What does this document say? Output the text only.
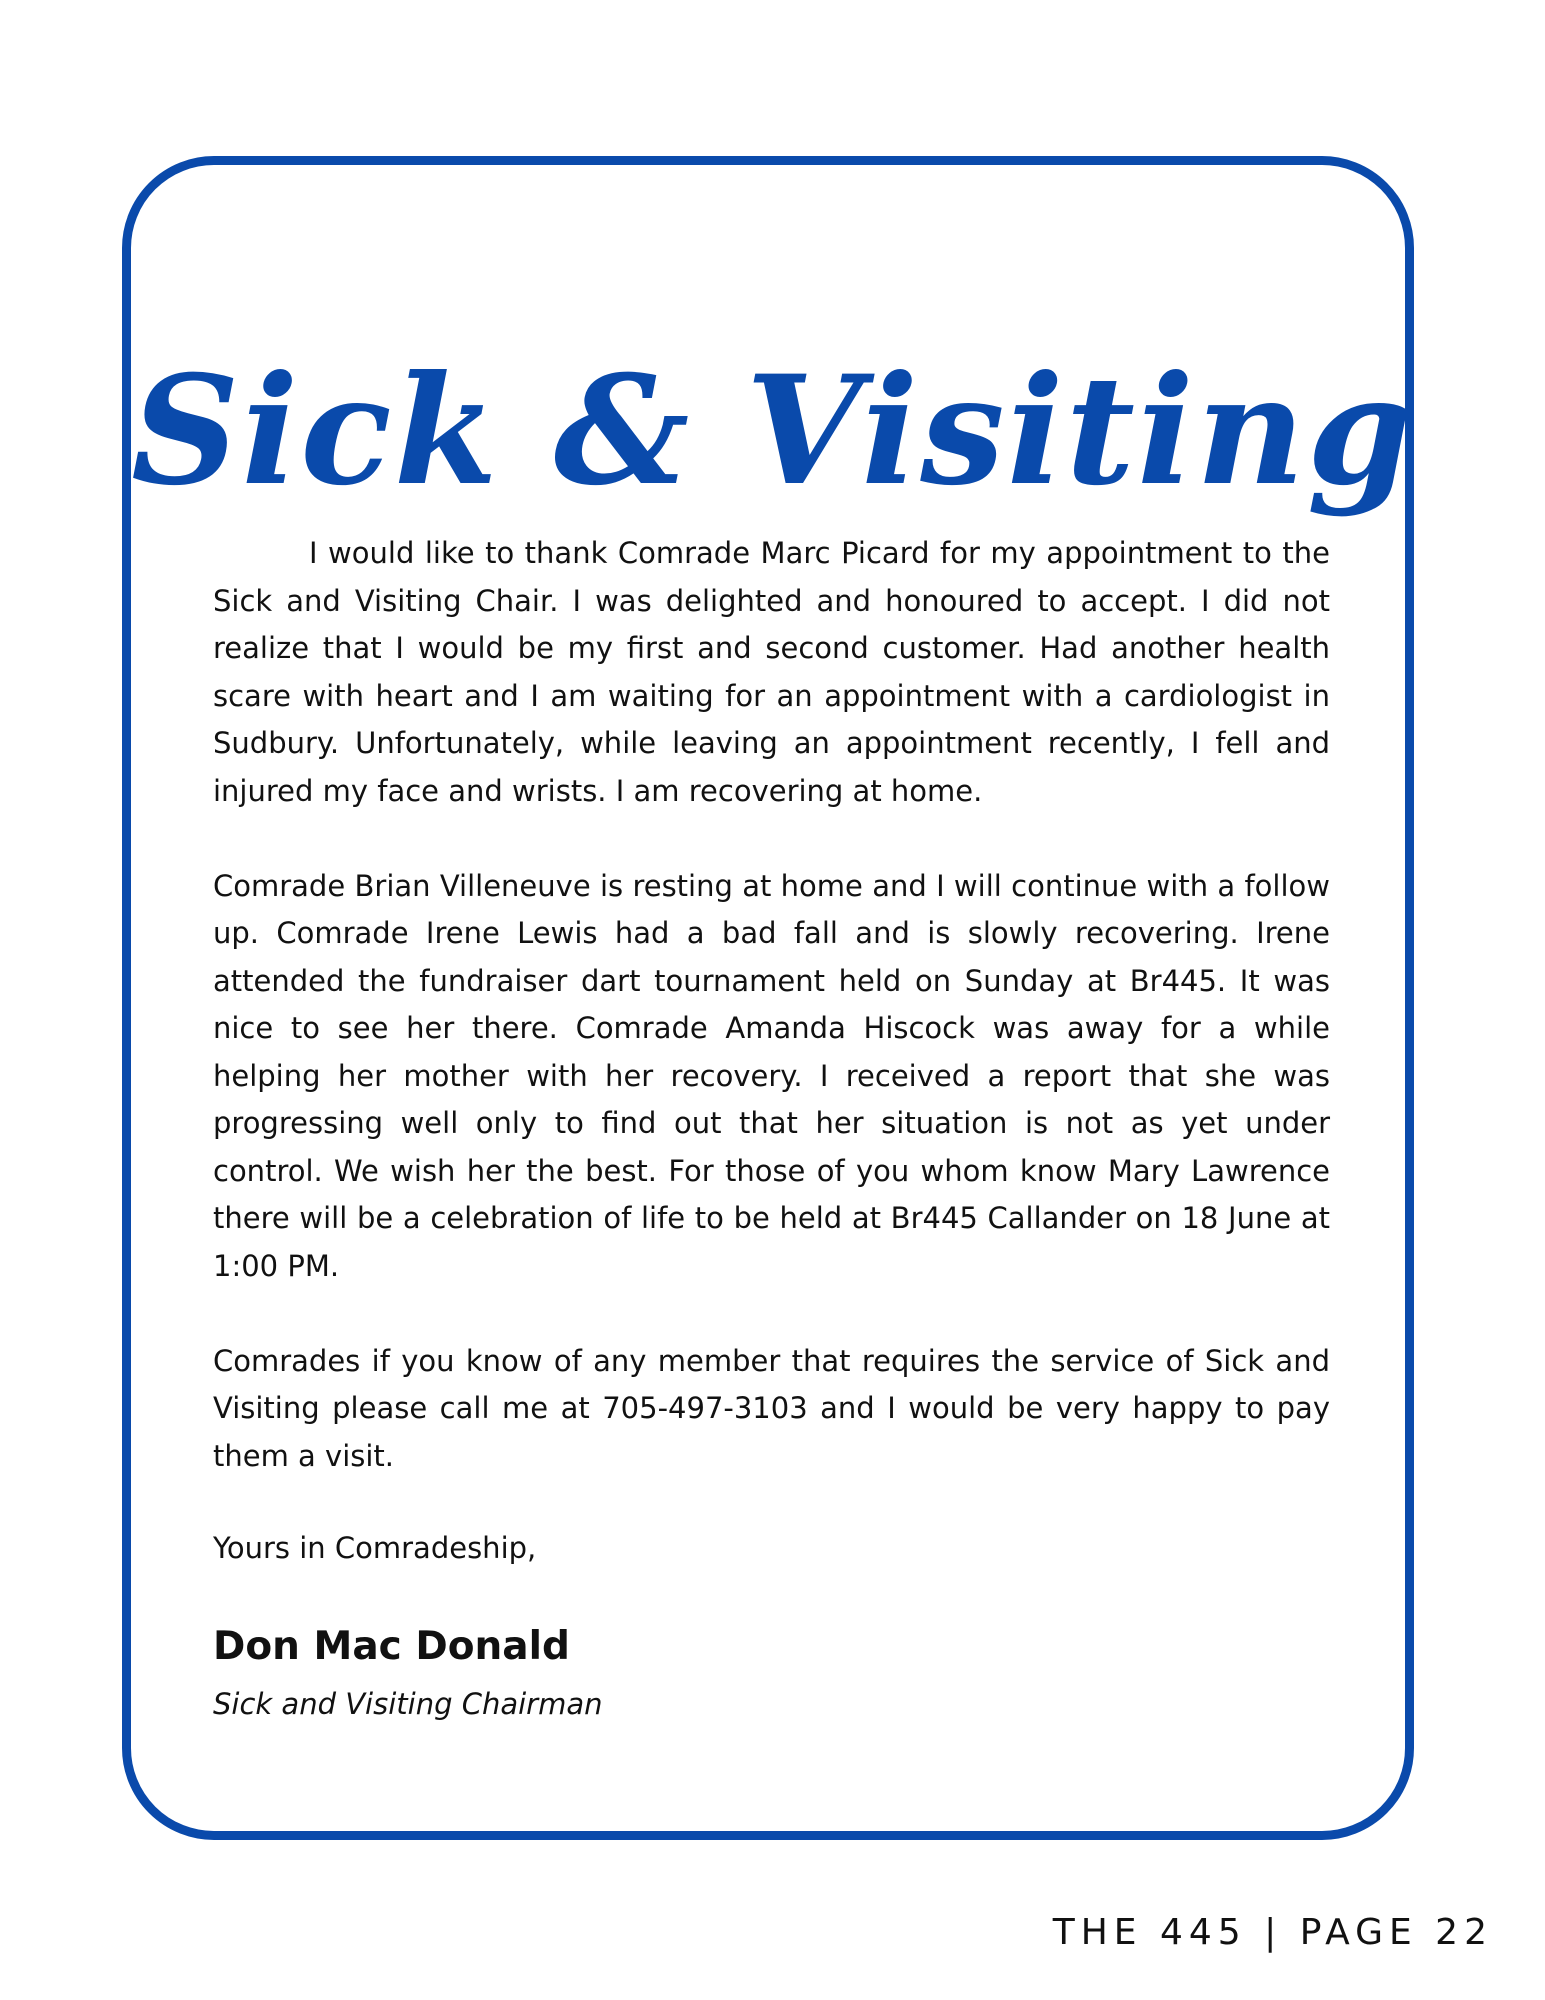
Sick & Visiting

I would like to thank Comrade Marc Picard for my appointment to the Sick and Visiting Chair. I was delighted and honoured to accept. I did not realize that I would be my first and second customer. Had another health scare with heart and I am waiting for an appointment with a cardiologist in Sudbury. Unfortunately, while leaving an appointment recently, I fell and injured my face and wrists. I am recovering at home.

Comrade Brian Villeneuve is resting at home and I will continue with a follow up. Comrade Irene Lewis had a bad fall and is slowly recovering. Irene attended the fundraiser dart tournament held on Sunday at Br445. It was nice to see her there. Comrade Amanda Hiscock was away for a while helping her mother with her recovery. I received a report that she was progressing well only to find out that her situation is not as yet under control. We wish her the best. For those of you whom know Mary Lawrence there will be a celebration of life to be held at Br445 Callander on 18 June at 1:00 PM.

Comrades if you know of any member that requires the service of Sick and Visiting please call me at 705-497-3103 and I would be very happy to pay them a visit.

Yours in Comradeship,
Don Mac Donald
Sick and Visiting Chairman
THE 445 | PAGE 22
